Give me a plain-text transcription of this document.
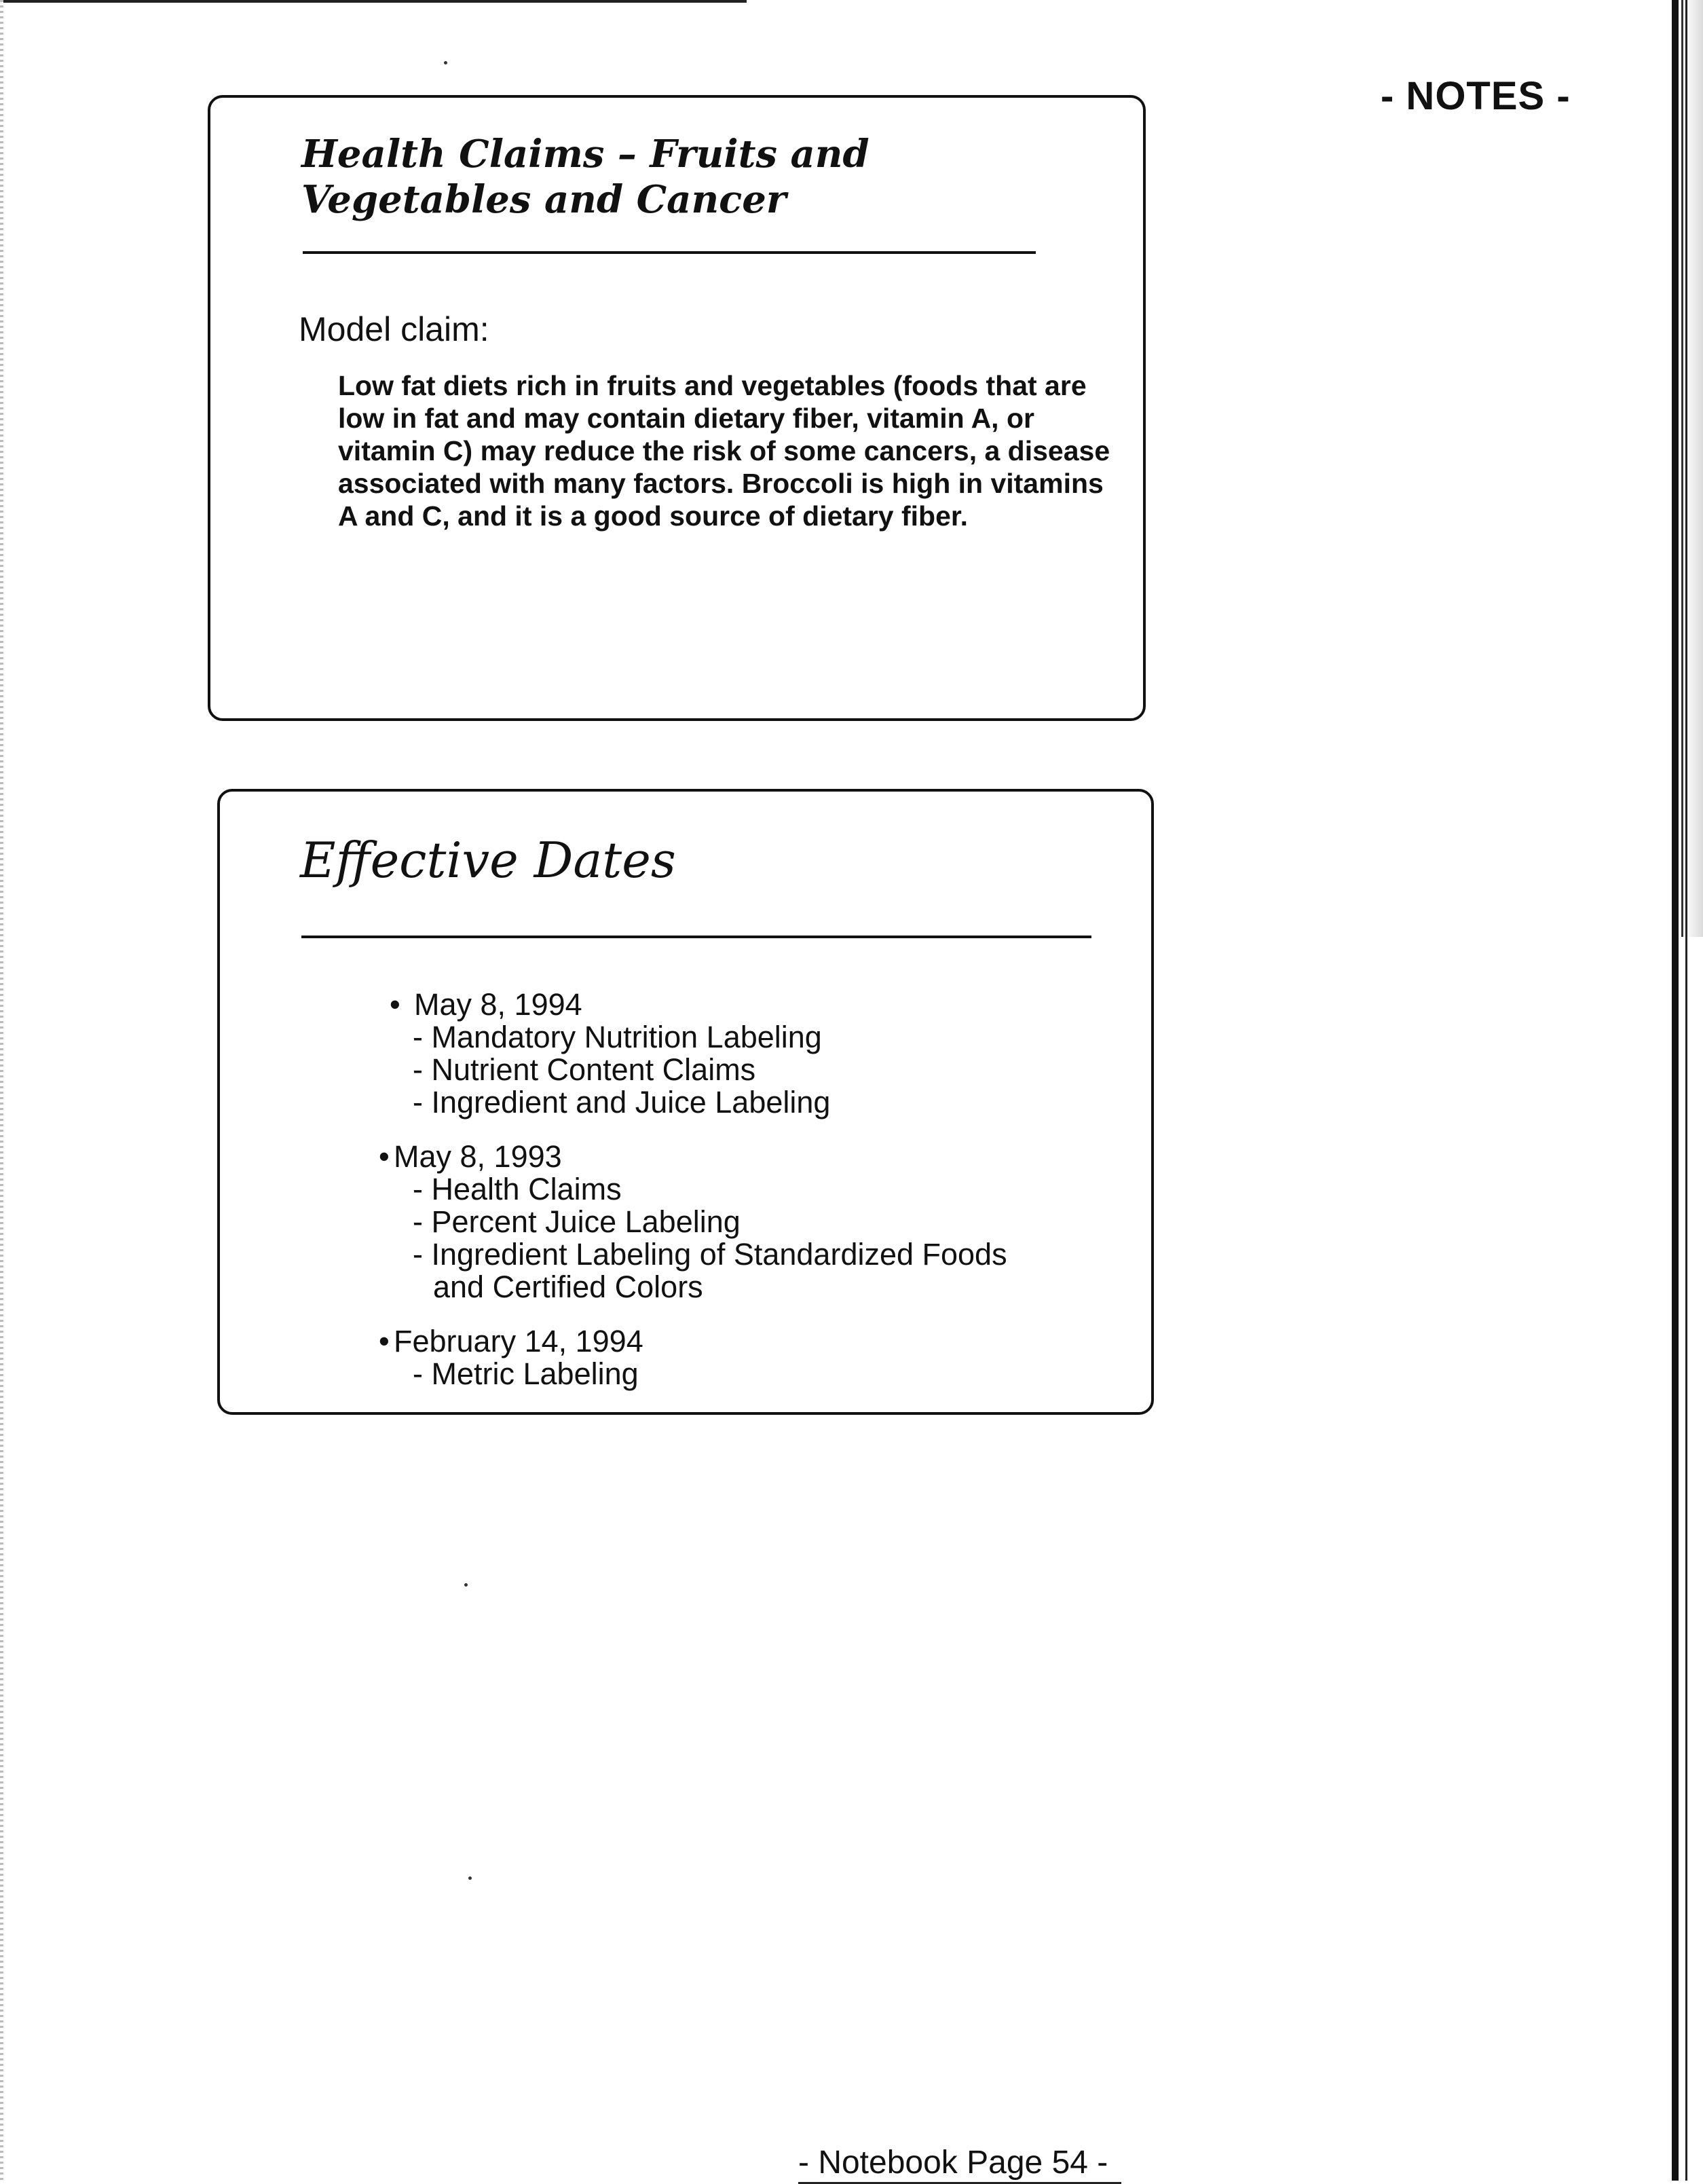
- NOTES -
Health Claims – Fruits and Vegetables and Cancer
Model claim:

Low fat diets rich in fruits and vegetables (foods that are low in fat and may contain dietary fiber, vitamin A, or vitamin C) may reduce the risk of some cancers, a disease associated with many factors. Broccoli is high in vitamins A and C, and it is a good source of dietary fiber.

Effective Dates
• May 8, 1994
- Mandatory Nutrition Labeling
- Nutrient Content Claims
- Ingredient and Juice Labeling
• May 8, 1993
- Health Claims
- Percent Juice Labeling
- Ingredient Labeling of Standardized Foods
and Certified Colors
• February 14, 1994
- Metric Labeling
- Notebook Page 54 -
